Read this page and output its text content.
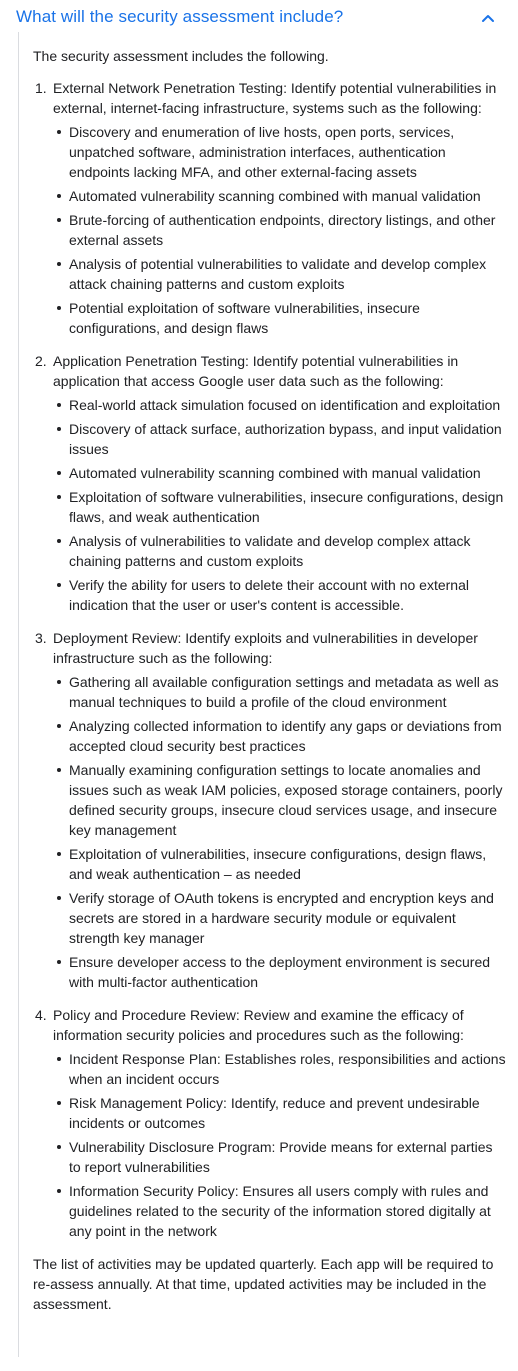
What will the security assessment include?

The security assessment includes the following.

1. External Network Penetration Testing: Identify potential vulnerabilities in external, internet-facing infrastructure, systems such as the following:
Discovery and enumeration of live hosts, open ports, services, unpatched software, administration interfaces, authentication endpoints lacking MFA, and other external-facing assets
Automated vulnerability scanning combined with manual validation
Brute-forcing of authentication endpoints, directory listings, and other external assets
Analysis of potential vulnerabilities to validate and develop complex attack chaining patterns and custom exploits
Potential exploitation of software vulnerabilities, insecure configurations, and design flaws
2. Application Penetration Testing: Identify potential vulnerabilities in application that access Google user data such as the following:
Real-world attack simulation focused on identification and exploitation
Discovery of attack surface, authorization bypass, and input validation issues
Automated vulnerability scanning combined with manual validation
Exploitation of software vulnerabilities, insecure configurations, design flaws, and weak authentication
Analysis of vulnerabilities to validate and develop complex attack chaining patterns and custom exploits
Verify the ability for users to delete their account with no external indication that the user or user's content is accessible.
3. Deployment Review: Identify exploits and vulnerabilities in developer infrastructure such as the following:
Gathering all available configuration settings and metadata as well as manual techniques to build a profile of the cloud environment
Analyzing collected information to identify any gaps or deviations from accepted cloud security best practices
Manually examining configuration settings to locate anomalies and issues such as weak IAM policies, exposed storage containers, poorly defined security groups, insecure cloud services usage, and insecure key management
Exploitation of vulnerabilities, insecure configurations, design flaws, and weak authentication – as needed
Verify storage of OAuth tokens is encrypted and encryption keys and secrets are stored in a hardware security module or equivalent strength key manager
Ensure developer access to the deployment environment is secured with multi-factor authentication
4. Policy and Procedure Review: Review and examine the efficacy of information security policies and procedures such as the following:
Incident Response Plan: Establishes roles, responsibilities and actions when an incident occurs
Risk Management Policy: Identify, reduce and prevent undesirable incidents or outcomes
Vulnerability Disclosure Program: Provide means for external parties to report vulnerabilities
Information Security Policy: Ensures all users comply with rules and guidelines related to the security of the information stored digitally at any point in the network

The list of activities may be updated quarterly. Each app will be required to re-assess annually. At that time, updated activities may be included in the assessment.
